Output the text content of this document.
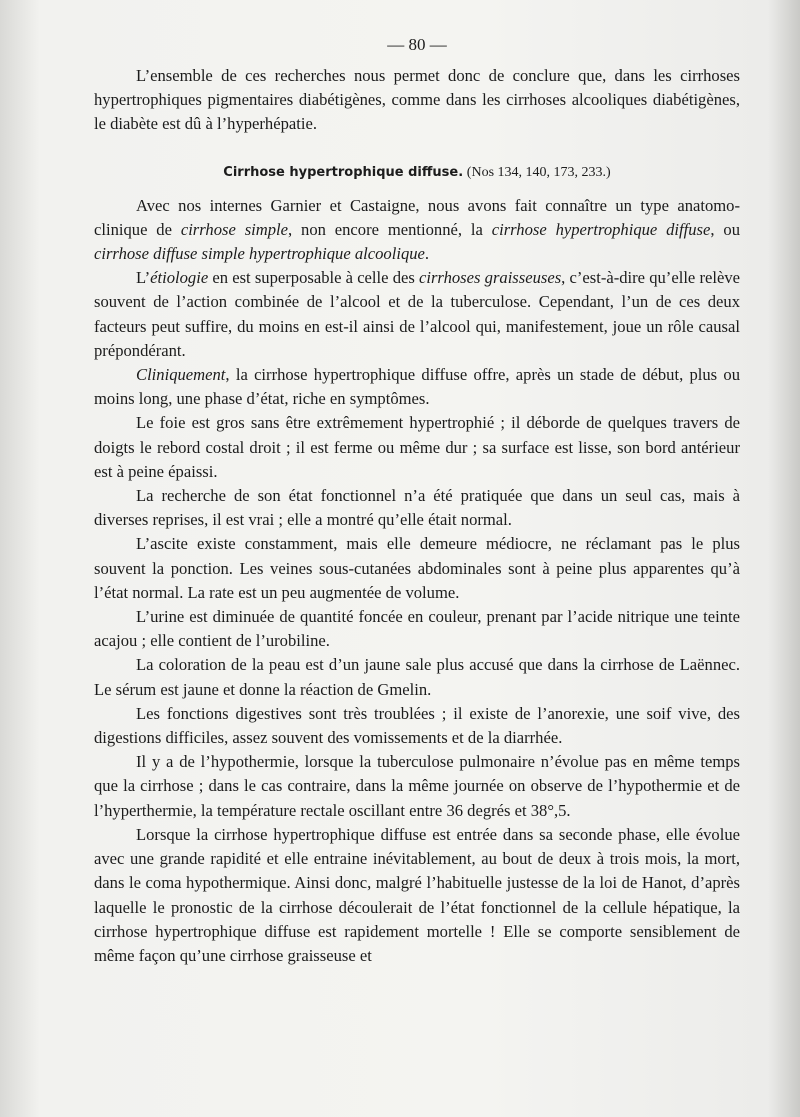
— 80 —

L’ensemble de ces recherches nous permet donc de conclure que, dans les cirrhoses hypertrophiques pigmentaires diabétigènes, comme dans les cirrhoses alcooliques diabétigènes, le diabète est dû à l’hyperhépatie.

Cirrhose hypertrophique diffuse. (Nos 134, 140, 173, 233.)

Avec nos internes Garnier et Castaigne, nous avons fait connaître un type anatomo-clinique de cirrhose simple, non encore mentionné, la cirrhose hypertrophique diffuse, ou cirrhose diffuse simple hypertrophique alcoolique.

L’étiologie en est superposable à celle des cirrhoses graisseuses, c’est-à-dire qu’elle relève souvent de l’action combinée de l’alcool et de la tuberculose. Cependant, l’un de ces deux facteurs peut suffire, du moins en est-il ainsi de l’alcool qui, manifestement, joue un rôle causal prépondérant.

Cliniquement, la cirrhose hypertrophique diffuse offre, après un stade de début, plus ou moins long, une phase d’état, riche en symptômes.

Le foie est gros sans être extrêmement hypertrophié ; il déborde de quelques travers de doigts le rebord costal droit ; il est ferme ou même dur ; sa surface est lisse, son bord antérieur est à peine épaissi.

La recherche de son état fonctionnel n’a été pratiquée que dans un seul cas, mais à diverses reprises, il est vrai ; elle a montré qu’elle était normal.

L’ascite existe constamment, mais elle demeure médiocre, ne réclamant pas le plus souvent la ponction. Les veines sous-cutanées abdominales sont à peine plus apparentes qu’à l’état normal. La rate est un peu augmentée de volume.

L’urine est diminuée de quantité foncée en couleur, prenant par l’acide nitrique une teinte acajou ; elle contient de l’urobiline.

La coloration de la peau est d’un jaune sale plus accusé que dans la cirrhose de Laënnec. Le sérum est jaune et donne la réaction de Gmelin.

Les fonctions digestives sont très troublées ; il existe de l’anorexie, une soif vive, des digestions difficiles, assez souvent des vomissements et de la diarrhée.

Il y a de l’hypothermie, lorsque la tuberculose pulmonaire n’évolue pas en même temps que la cirrhose ; dans le cas contraire, dans la même journée on observe de l’hypothermie et de l’hyperthermie, la température rectale oscillant entre 36 degrés et 38°,5.

Lorsque la cirrhose hypertrophique diffuse est entrée dans sa seconde phase, elle évolue avec une grande rapidité et elle entraine inévitablement, au bout de deux à trois mois, la mort, dans le coma hypothermique. Ainsi donc, malgré l’habituelle justesse de la loi de Hanot, d’après laquelle le pronostic de la cirrhose découlerait de l’état fonctionnel de la cellule hépatique, la cirrhose hypertrophique diffuse est rapidement mortelle ! Elle se comporte sensiblement de même façon qu’une cirrhose graisseuse et
